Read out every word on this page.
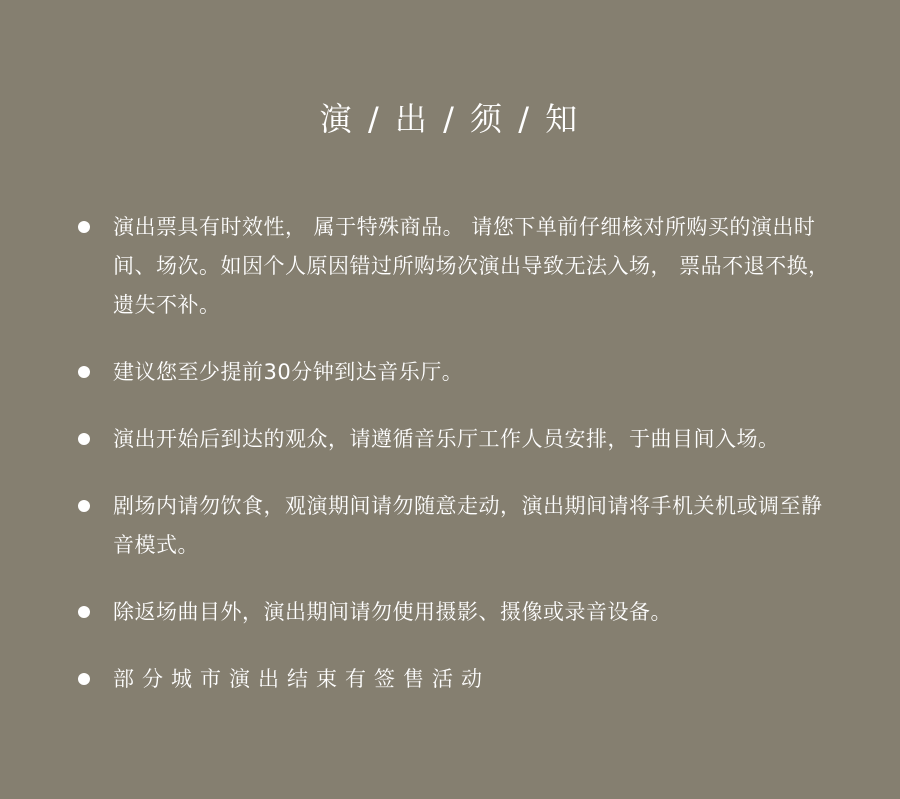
演 / 出 / 须 / 知
演出票具有时效性， 属于特殊商品。 请您下单前仔细核对所购买的演出时间、场次。如因个人原因错过所购场次演出导致无法入场， 票品不退不换，遗失不补。
建议您至少提前30分钟到达音乐厅。
演出开始后到达的观众，请遵循音乐厅工作人员安排，于曲目间入场。
剧场内请勿饮食，观演期间请勿随意走动，演出期间请将手机关机或调至静音模式。
除返场曲目外，演出期间请勿使用摄影、摄像或录音设备。
部分城市演出结束有签售活动
